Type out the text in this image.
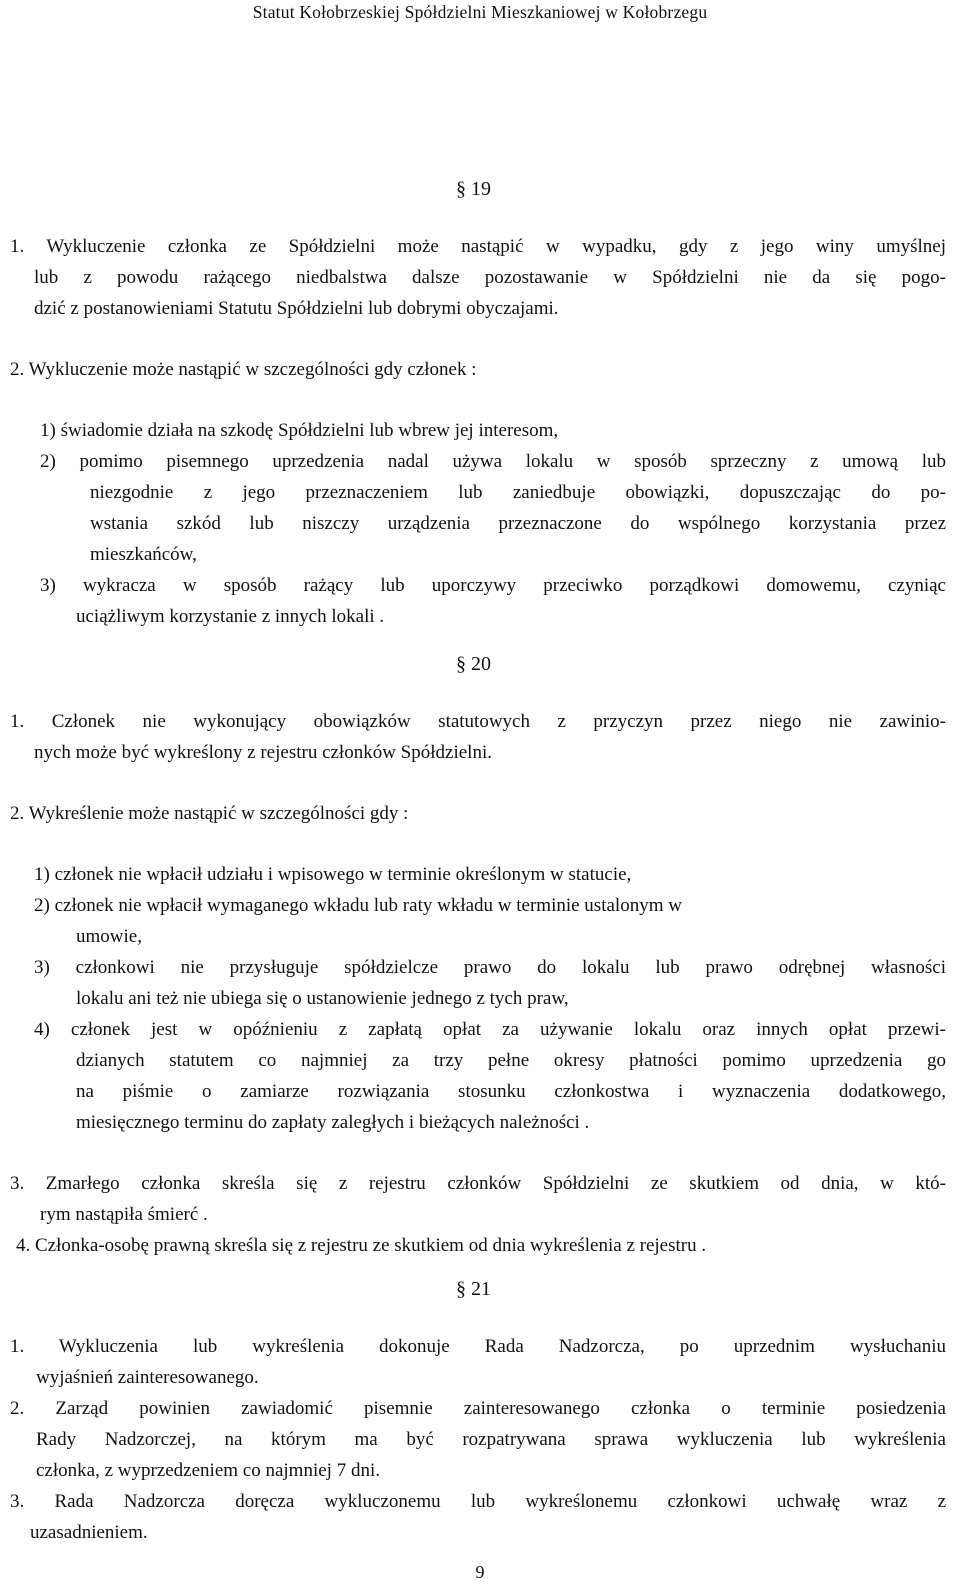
Statut Kołobrzeskiej Spółdzielni Mieszkaniowej w Kołobrzegu
§ 19
1. Wykluczenie członka ze Spółdzielni może nastąpić w wypadku, gdy z jego winy umyślnej
lub z powodu rażącego niedbalstwa dalsze pozostawanie w Spółdzielni nie da się pogo-
dzić z postanowieniami Statutu Spółdzielni lub dobrymi obyczajami.
2. Wykluczenie może nastąpić w szczególności gdy członek :
1) świadomie działa na szkodę Spółdzielni lub wbrew jej interesom,
2) pomimo pisemnego uprzedzenia nadal używa lokalu w sposób sprzeczny z umową lub
niezgodnie z jego przeznaczeniem lub zaniedbuje obowiązki, dopuszczając do po-
wstania szkód lub niszczy urządzenia przeznaczone do wspólnego korzystania przez
mieszkańców,
3) wykracza w sposób rażący lub uporczywy przeciwko porządkowi domowemu, czyniąc
uciążliwym korzystanie z innych lokali .
§ 20
1. Członek nie wykonujący obowiązków statutowych z przyczyn przez niego nie zawinio-
nych może być wykreślony z rejestru członków Spółdzielni.
2. Wykreślenie może nastąpić w szczególności gdy :
1) członek nie wpłacił udziału i wpisowego w terminie określonym w statucie,
2) członek nie wpłacił wymaganego wkładu lub raty wkładu w terminie ustalonym w
umowie,
3) członkowi nie przysługuje spółdzielcze prawo do lokalu lub prawo odrębnej własności
lokalu ani też nie ubiega się o ustanowienie jednego z tych praw,
4) członek jest w opóźnieniu z zapłatą opłat za używanie lokalu oraz innych opłat przewi-
dzianych statutem co najmniej za trzy pełne okresy płatności pomimo uprzedzenia go
na piśmie o zamiarze rozwiązania stosunku członkostwa i wyznaczenia dodatkowego,
miesięcznego terminu do zapłaty zaległych i bieżących należności .
3. Zmarłego członka skreśla się z rejestru członków Spółdzielni ze skutkiem od dnia, w któ-
rym nastąpiła śmierć .
4. Członka-osobę prawną skreśla się z rejestru ze skutkiem od dnia wykreślenia z rejestru .
§ 21
1. Wykluczenia lub wykreślenia dokonuje Rada Nadzorcza, po uprzednim wysłuchaniu
wyjaśnień zainteresowanego.
2. Zarząd powinien zawiadomić pisemnie zainteresowanego członka o terminie posiedzenia
Rady Nadzorczej, na którym ma być rozpatrywana sprawa wykluczenia lub wykreślenia
członka, z wyprzedzeniem co najmniej 7 dni.
3. Rada Nadzorcza doręcza wykluczonemu lub wykreślonemu członkowi uchwałę wraz z
uzasadnieniem.
9
